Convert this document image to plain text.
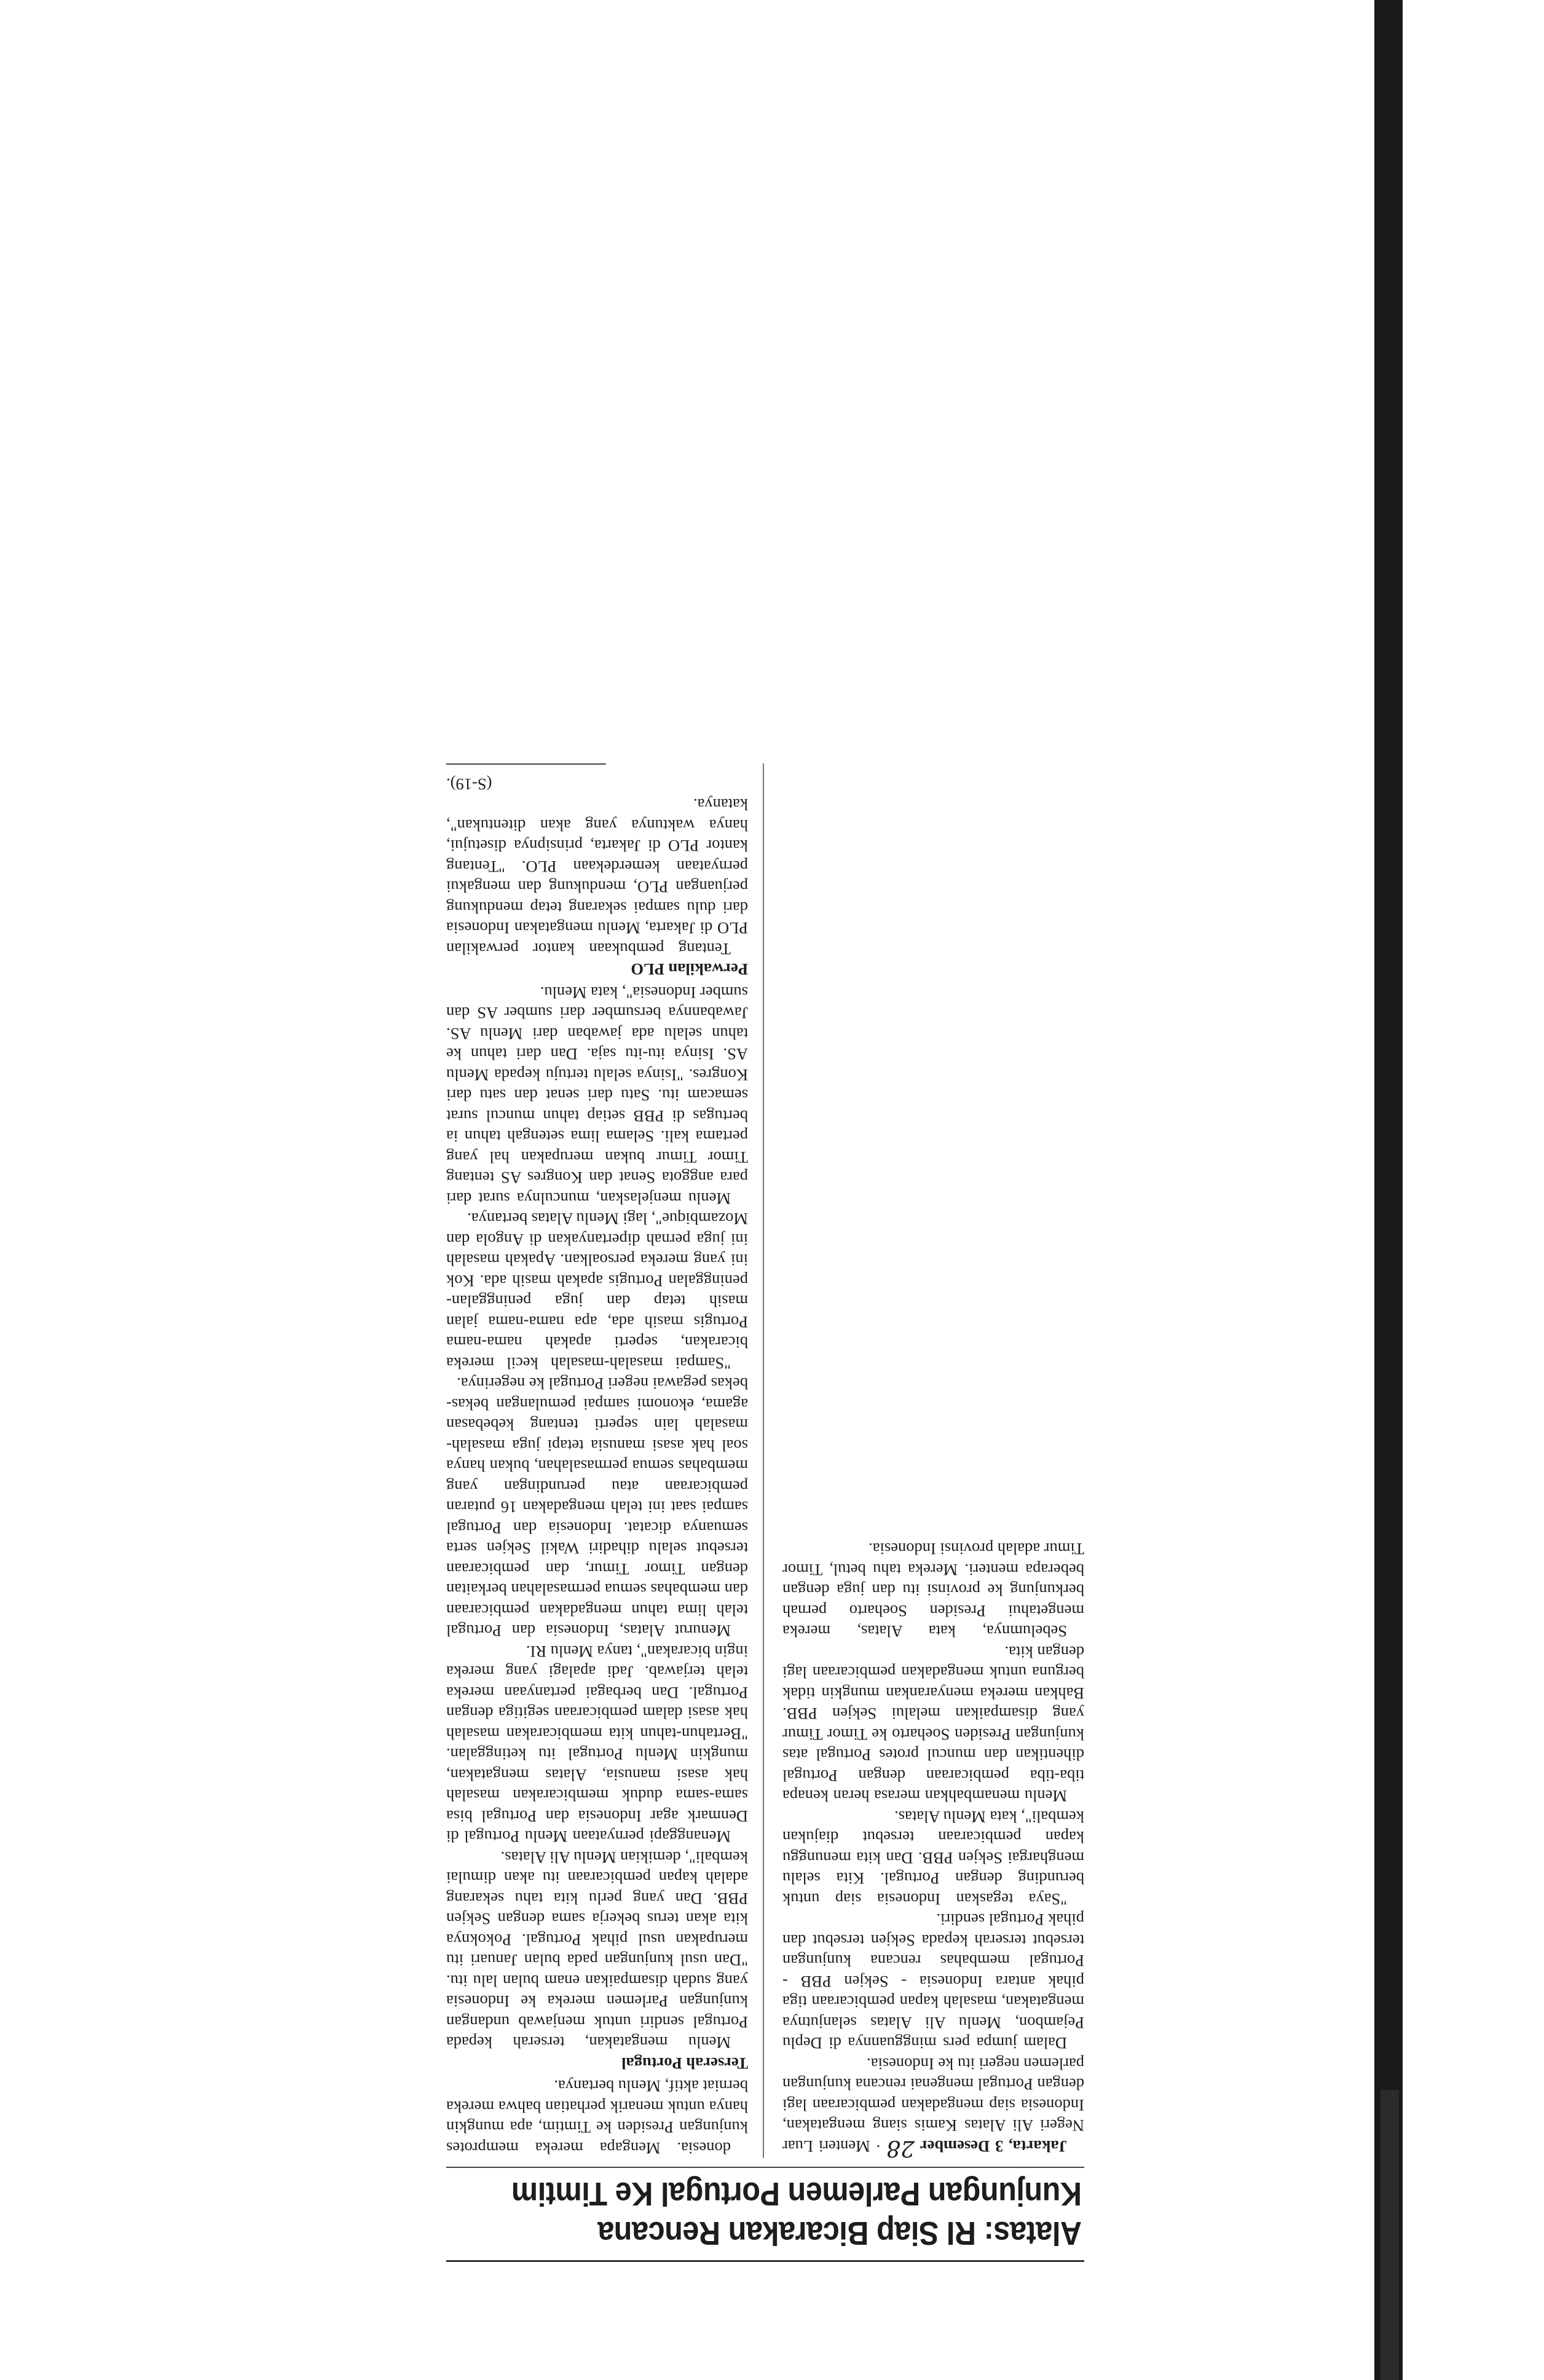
Alatas: RI Siap Bicarakan Rencana Kunjungan Parlemen Portugal Ke Timtim

Jakarta, 3 Desember 28 · Menteri Luar Negeri Ali Alatas Kamis siang mengatakan, Indonesia siap mengadakan pembicaraan lagi dengan Portugal mengenai rencana kunjungan parlemen negeri itu ke Indonesia.

Dalam jumpa pers mingguannya di Deplu Pejambon, Menlu Ali Alatas selanjutnya mengatakan, masalah kapan pembicaraan tiga pihak antara Indonesia - Sekjen PBB - Portugal membahas rencana kunjungan tersebut terserah kepada Sekjen tersebut dan pihak Portugal sendiri.

"Saya tegaskan Indonesia siap untuk berunding dengan Portugal. Kita selalu menghargai Sekjen PBB. Dan kita menunggu kapan pembicaraan tersebut diajukan kembali", kata Menlu Alatas.

Menlu menambahkan merasa heran kenapa tiba-tiba pembicaraan dengan Portugal dihentikan dan muncul protes Portugal atas kunjungan Presiden Soeharto ke Timor Timur yang disampaikan melalui Sekjen PBB. Bahkan mereka menyarankan mungkin tidak berguna untuk mengadakan pembicaraan lagi dengan kita.

Sebelumnya, kata Alatas, mereka mengetahui Presiden Soeharto pernah berkunjung ke provinsi itu dan juga dengan beberapa menteri. Mereka tahu betul, Timor Timur adalah provinsi Indonesia.

donesia. Mengapa mereka memprotes kunjungan Presiden ke Timtim, apa mungkin hanya untuk menarik perhatian bahwa mereka berniat aktif, Menlu bertanya.

Terserah Portugal

Menlu mengatakan, terserah kepada Portugal sendiri untuk menjawab undangan kunjungan Parlemen mereka ke Indonesia yang sudah disampaikan enam bulan lalu itu. "Dan usul kunjungan pada bulan Januari itu merupakan usul pihak Portugal. Pokoknya kita akan terus bekerja sama dengan Sekjen PBB. Dan yang perlu kita tahu sekarang adalah kapan pembicaraan itu akan dimulai kembali", demikian Menlu Ali Alatas.

Menanggapi pernyataan Menlu Portugal di Denmark agar Indonesia dan Portugal bisa sama-sama duduk membicarakan masalah hak asasi manusia, Alatas mengatakan, mungkin Menlu Portugal itu ketinggalan. "Bertahun-tahun kita membicarakan masalah hak asasi dalam pembicaraan segitiga dengan Portugal. Dan berbagai pertanyaan mereka telah terjawab. Jadi apalagi yang mereka ingin bicarakan", tanya Menlu RI.

Menurut Alatas, Indonesia dan Portugal telah lima tahun mengadakan pembicaraan dan membahas semua permasalahan berkaitan dengan Timor Timur, dan pembicaraan tersebut selalu dihadiri Wakil Sekjen serta semuanya dicatat. Indonesia dan Portugal sampai saat ini telah mengadakan 16 putaran pembicaraan atau perundingan yang membahas semua permasalahan, bukan hanya soal hak asasi manusia tetapi juga masalah-masalah lain seperti tentang kebebasan agama, ekonomi sampai pemulangan bekas-bekas pegawai negeri Portugal ke negerinya.

"Sampai masalah-masalah kecil mereka bicarakan, seperti apakah nama-nama Portugis masih ada, apa nama-nama jalan masih tetap dan juga peninggalan-peninggalan Portugis apakah masih ada. Kok ini yang mereka persoalkan. Apakah masalah ini juga pernah dipertanyakan di Angola dan Mozambique", lagi Menlu Alatas bertanya.

Menlu menjelaskan, munculnya surat dari para anggota Senat dan Kongres AS tentang Timor Timur bukan merupakan hal yang pertama kali. Selama lima setengah tahun ia bertugas di PBB setiap tahun muncul surat semacam itu. Satu dari senat dan satu dari Kongres. "Isinya selalu tertuju kepada Menlu AS. Isinya itu-itu saja. Dan dari tahun ke tahun selalu ada jawaban dari Menlu AS. Jawabannya bersumber dari sumber AS dan sumber Indonesia", kata Menlu.

Perwakilan PLO

Tentang pembukaan kantor perwakilan PLO di Jakarta, Menlu mengatakan Indonesia dari dulu sampai sekarang tetap mendukung perjuangan PLO, mendukung dan mengakui pernyataan kemerdekaan PLO. "Tentang kantor PLO di Jakarta, prinsipnya disetujui, hanya waktunya yang akan ditentukan", katanya.

(S-19).
